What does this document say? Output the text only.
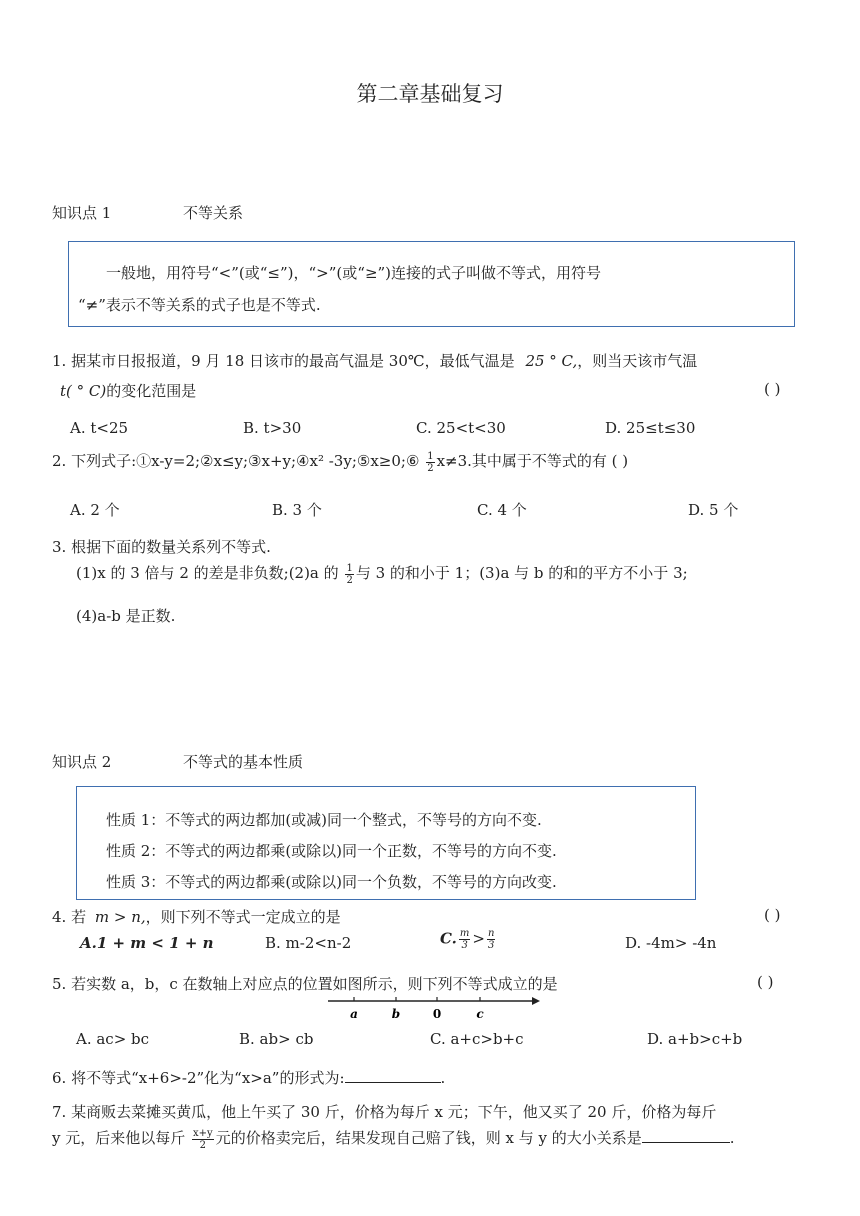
第二章基础复习
知识点 1	不等关系
一般地，用符号“<”(或“≤”)，“>”(或“≥”)连接的式子叫做不等式，用符号
“≠”表示不等关系的式子也是不等式.
1. 据某市日报报道，9 月 18 日该市的最高气温是 30℃，最低气温是 25 ° C,，则当天该市气温
t( ° C)的变化范围是	( )
A. t<25	B. t>30	C. 25<t<30	D. 25≤t≤30
2. 下列式子:①x-y=2;②x≤y;③x+y;④x² -3y;⑤x≥0;⑥ $\frac{1}{2} x\ne 3$.其中属于不等式的有 ( )
A. 2 个	B. 3 个	C. 4 个	D. 5 个
3. 根据下面的数量关系列不等式.
(1)x 的 3 倍与 2 的差是非负数;(2)a 的 $\frac{1}{2}$ 与 3 的和小于 1；(3)a 与 b 的和的平方不小于 3;
(4)a-b 是正数.
知识点 2	不等式的基本性质
性质 1：不等式的两边都加(或减)同一个整式，不等号的方向不变.
性质 2：不等式的两边都乘(或除以)同一个正数，不等号的方向不变.
性质 3：不等式的两边都乘(或除以)同一个负数，不等号的方向改变.
4. 若 m > n,，则下列不等式一定成立的是	( )
A.1 + m < 1 + n	B. m-2<n-2	C. $\frac{m}{3} > \frac{n}{3}$	D. -4m> -4n
5. 若实数 a，b，c 在数轴上对应点的位置如图所示，则下列不等式成立的是	( )
a	b	0	c
A. ac> bc	B. ab> cb	C. a+c>b+c	D. a+b>c+b
6. 将不等式“x+6>-2”化为“x>a”的形式为:	.
7. 某商贩去菜摊买黄瓜，他上午买了 30 斤，价格为每斤 x 元；下午，他又买了 20 斤，价格为每斤
y 元，后来他以每斤 $\frac{x+y}{2}$ 元的价格卖完后，结果发现自己赔了钱，则 x 与 y 的大小关系是	.
